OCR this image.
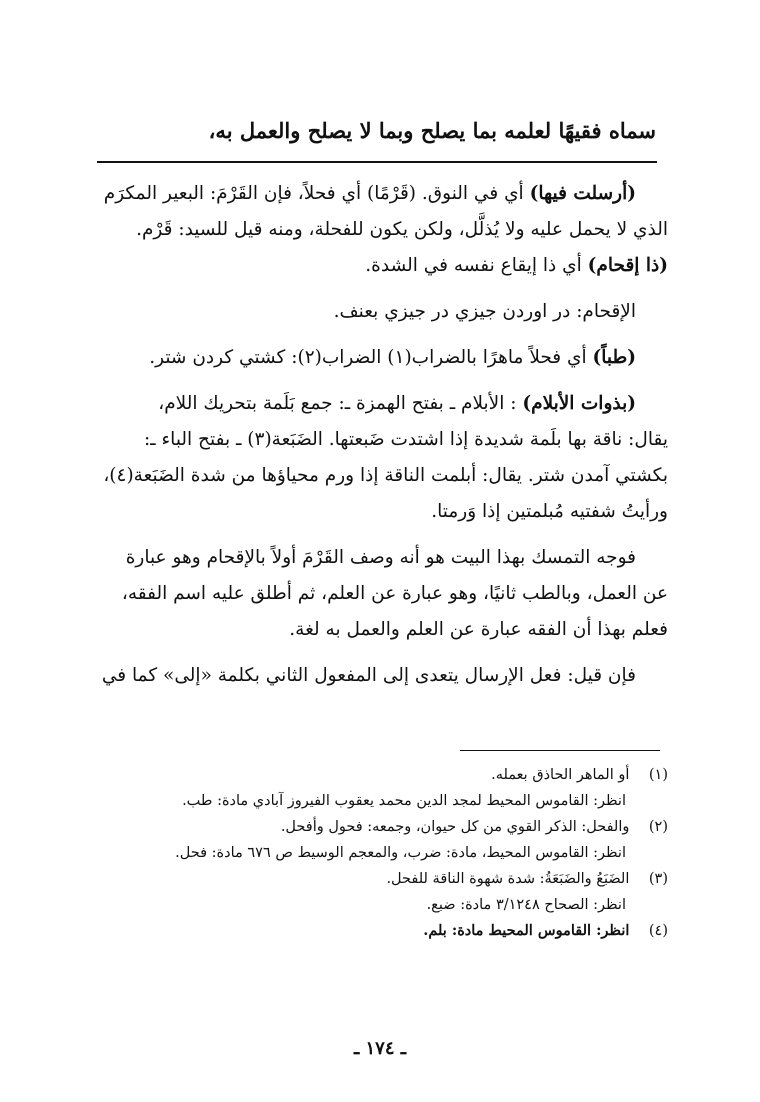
سماه فقيهًا لعلمه بما يصلح وبما لا يصلح والعمل به،

(أرسلت فيها) أي في النوق. (قَرْمًا) أي فحلاً، فإن القَرْمَ: البعير المكرَم

الذي لا يحمل عليه ولا يُذلَّل، ولكن يكون للفحلة، ومنه قيل للسيد: قَرْم.

(ذا إقحام) أي ذا إيقاع نفسه في الشدة.

الإقحام: در اوردن جيزي در جيزي بعنف.

(طباً) أي فحلاً ماهرًا بالضراب(١) الضراب(٢): كشتي كردن شتر.

(بذوات الأبلام) : الأبلام ـ بفتح الهمزة ـ: جمع بَلَمة بتحريك اللام،

يقال: ناقة بها بلَمة شديدة إذا اشتدت ضَبعتها. الضَبَعة(٣) ـ بفتح الباء ـ:

بكشتي آمدن شتر. يقال: أبلمت الناقة إذا ورم محياؤها من شدة الضَبَعة(٤)،

ورأيتُ شفتيه مُبلمتين إذا وَرمتا.

فوجه التمسك بهذا البيت هو أنه وصف القَرْمَ أولاً بالإقحام وهو عبارة

عن العمل، وبالطب ثانيًا، وهو عبارة عن العلم، ثم أطلق عليه اسم الفقه،

فعلم بهذا أن الفقه عبارة عن العلم والعمل به لغة.

فإن قيل: فعل الإرسال يتعدى إلى المفعول الثاني بكلمة «إلى» كما في

(١) أو الماهر الحاذق بعمله.

انظر: القاموس المحيط لمجد الدين محمد يعقوب الفيروز آبادي مادة: طب.

(٢) والفحل: الذكر القوي من كل حيوان، وجمعه: فحول وأفحل.

انظر: القاموس المحيط، مادة: ضرب، والمعجم الوسيط ص ٦٧٦ مادة: فحل.

(٣) الضَبَعُ والضَبَعَةُ: شدة شهوة الناقة للفحل.

انظر: الصحاح ٣/١٢٤٨ مادة: ضبع.

(٤) انظر: القاموس المحيط مادة: بلم.

ـ ١٧٤ ـ
